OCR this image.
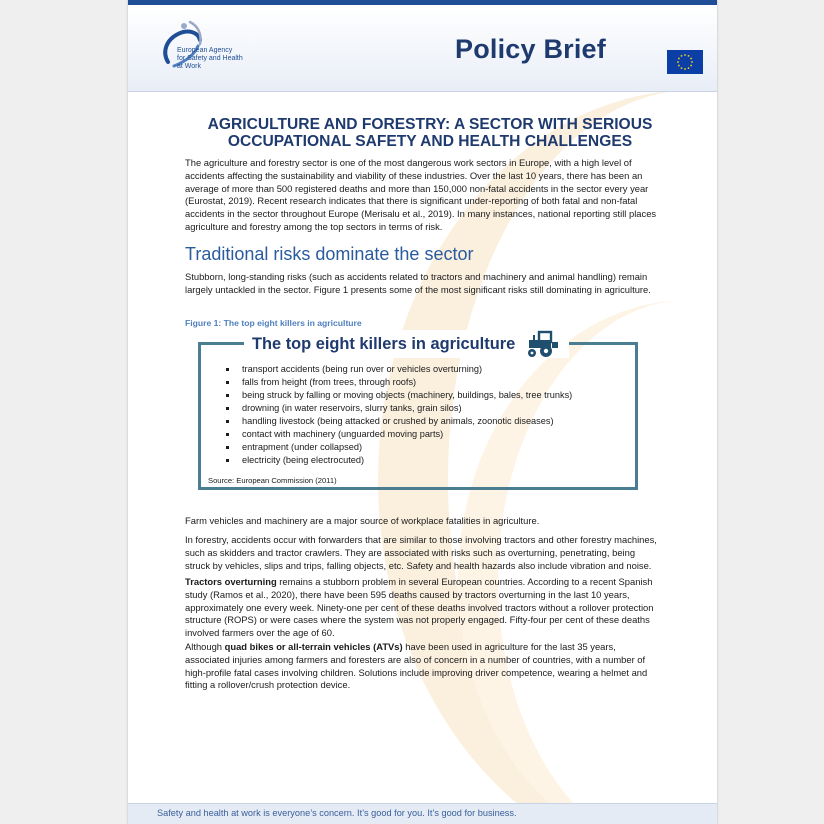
European Agency
for Safety and Health
at Work
Policy Brief
AGRICULTURE AND FORESTRY: A SECTOR WITH SERIOUS
OCCUPATIONAL SAFETY AND HEALTH CHALLENGES
The agriculture and forestry sector is one of the most dangerous work sectors in Europe, with a high level of
accidents affecting the sustainability and viability of these industries. Over the last 10 years, there has been an
average of more than 500 registered deaths and more than 150,000 non-fatal accidents in the sector every year
(Eurostat, 2019). Recent research indicates that there is significant under-reporting of both fatal and non-fatal
accidents in the sector throughout Europe (Merisalu et al., 2019). In many instances, national reporting still places
agriculture and forestry among the top sectors in terms of risk.
Traditional risks dominate the sector
Stubborn, long-standing risks (such as accidents related to tractors and machinery and animal handling) remain
largely untackled in the sector. Figure 1 presents some of the most significant risks still dominating in agriculture.
Figure 1: The top eight killers in agriculture
The top eight killers in agriculture
transport accidents (being run over or vehicles overturning)
falls from height (from trees, through roofs)
being struck by falling or moving objects (machinery, buildings, bales, tree trunks)
drowning (in water reservoirs, slurry tanks, grain silos)
handling livestock (being attacked or crushed by animals, zoonotic diseases)
contact with machinery (unguarded moving parts)
entrapment (under collapsed)
electricity (being electrocuted)
Source: European Commission (2011)
Farm vehicles and machinery are a major source of workplace fatalities in agriculture.
In forestry, accidents occur with forwarders that are similar to those involving tractors and other forestry machines,
such as skidders and tractor crawlers. They are associated with risks such as overturning, penetrating, being
struck by vehicles, slips and trips, falling objects, etc. Safety and health hazards also include vibration and noise.
Tractors overturning remains a stubborn problem in several European countries. According to a recent Spanish
study (Ramos et al., 2020), there have been 595 deaths caused by tractors overturning in the last 10 years,
approximately one every week. Ninety-one per cent of these deaths involved tractors without a rollover protection
structure (ROPS) or were cases where the system was not properly engaged. Fifty-four per cent of these deaths
involved farmers over the age of 60.
Although quad bikes or all-terrain vehicles (ATVs) have been used in agriculture for the last 35 years,
associated injuries among farmers and foresters are also of concern in a number of countries, with a number of
high-profile fatal cases involving children. Solutions include improving driver competence, wearing a helmet and
fitting a rollover/crush protection device.
Safety and health at work is everyone’s concern. It’s good for you. It’s good for business.
